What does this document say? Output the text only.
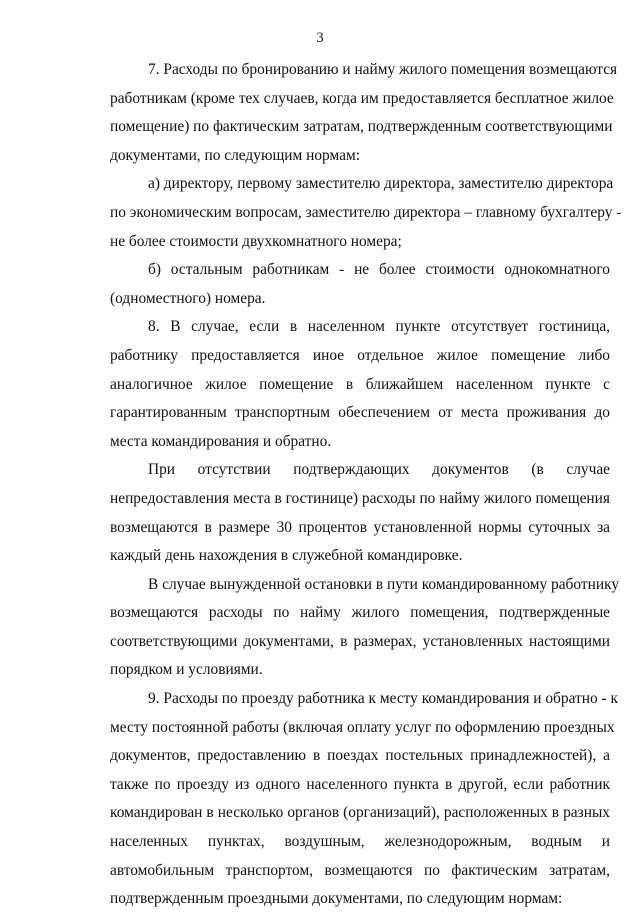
3
7. Расходы по бронированию и найму жилого помещения возмещаются
работникам (кроме тех случаев, когда им предоставляется бесплатное жилое
помещение) по фактическим затратам, подтвержденным соответствующими
документами, по следующим нормам:
а) директору, первому заместителю директора, заместителю директора
по экономическим вопросам, заместителю директора – главному бухгалтеру -
не более стоимости двухкомнатного номера;
б) остальным работникам - не более стоимости однокомнатного
(одноместного) номера.
8. В случае, если в населенном пункте отсутствует гостиница,
работнику предоставляется иное отдельное жилое помещение либо
аналогичное жилое помещение в ближайшем населенном пункте с
гарантированным транспортным обеспечением от места проживания до
места командирования и обратно.
При отсутствии подтверждающих документов (в случае
непредоставления места в гостинице) расходы по найму жилого помещения
возмещаются в размере 30 процентов установленной нормы суточных за
каждый день нахождения в служебной командировке.
В случае вынужденной остановки в пути командированному работнику
возмещаются расходы по найму жилого помещения, подтвержденные
соответствующими документами, в размерах, установленных настоящими
порядком и условиями.
9. Расходы по проезду работника к месту командирования и обратно - к
месту постоянной работы (включая оплату услуг по оформлению проездных
документов, предоставлению в поездах постельных принадлежностей), а
также по проезду из одного населенного пункта в другой, если работник
командирован в несколько органов (организаций), расположенных в разных
населенных пунктах, воздушным, железнодорожным, водным и
автомобильным транспортом, возмещаются по фактическим затратам,
подтвержденным проездными документами, по следующим нормам:
